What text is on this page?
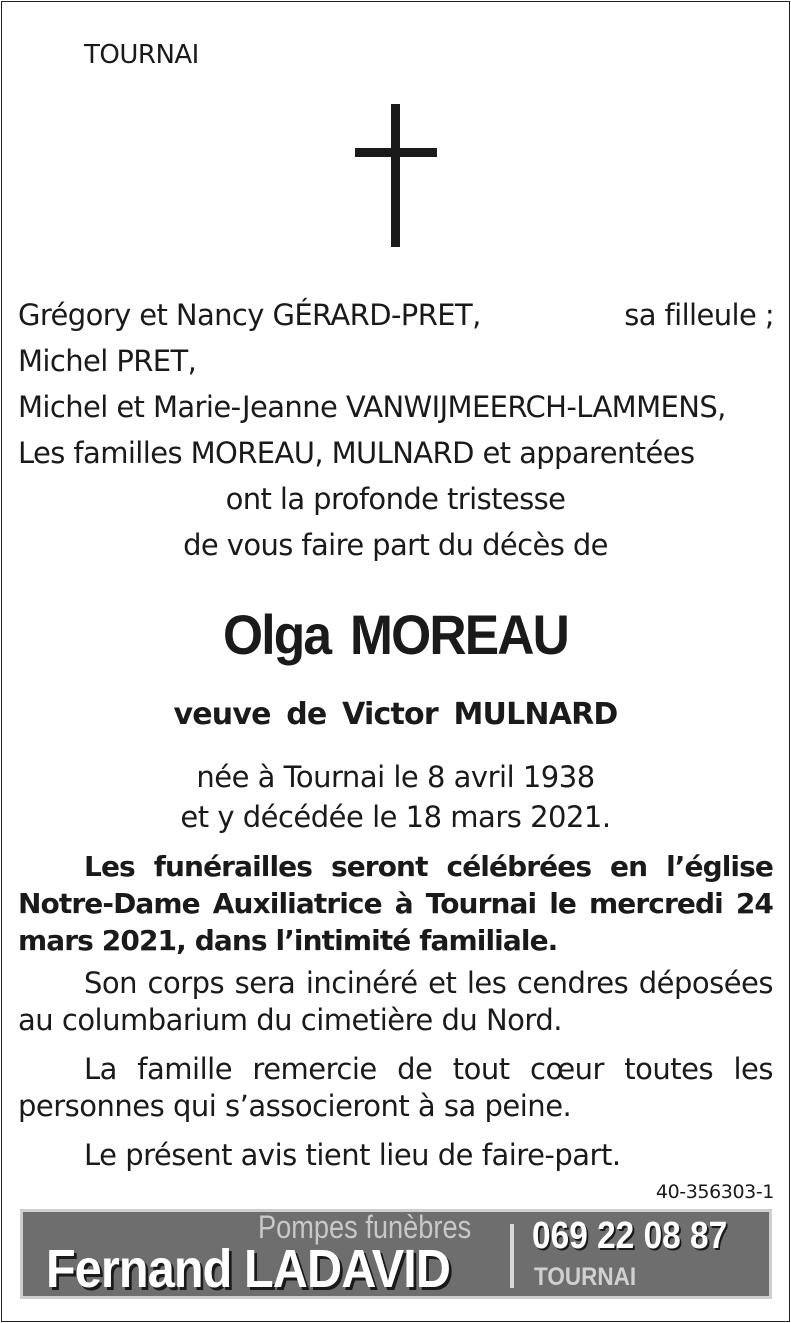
TOURNAI
Grégory et Nancy GÉRARD-PRET,	sa filleule ;
Michel PRET,
Michel et Marie-Jeanne VANWIJMEERCH-LAMMENS,
Les familles MOREAU, MULNARD et apparentées
ont la profonde tristesse
de vous faire part du décès de
Olga MOREAU
veuve de Victor MULNARD
née à Tournai le 8 avril 1938
et y décédée le 18 mars 2021.
Les funérailles seront célébrées en l’église Notre-Dame Auxiliatrice à Tournai le mercredi 24 mars 2021, dans l’intimité familiale.
Son corps sera incinéré et les cendres déposées au columbarium du cimetière du Nord.
La famille remercie de tout cœur toutes les personnes qui s’associeront à sa peine.
Le présent avis tient lieu de faire-part.
40-356303-1
Pompes funèbres
Fernand LADAVID
069 22 08 87
TOURNAI
